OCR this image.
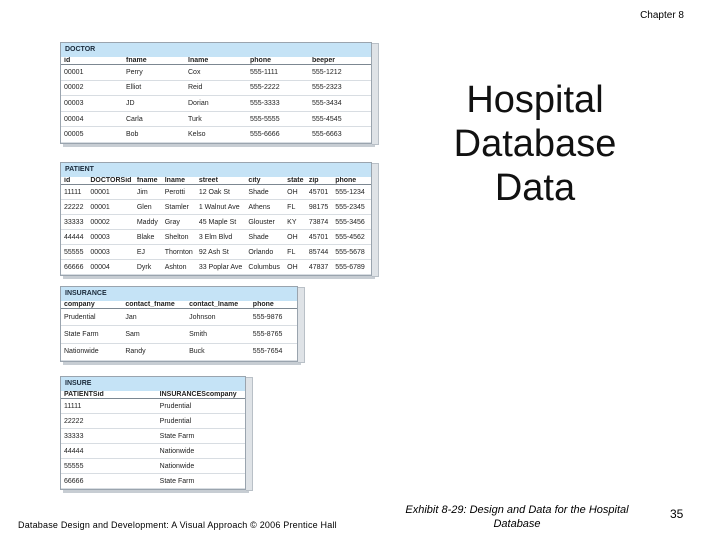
Chapter 8
Hospital
Database
Data
DOCTOR
id	fname	lname	phone	beeper
00001	Perry	Cox	555-1111	555-1212
00002	Elliot	Reid	555-2222	555-2323
00003	JD	Dorian	555-3333	555-3434
00004	Carla	Turk	555-5555	555-4545
00005	Bob	Kelso	555-6666	555-6663
PATIENT
id	DOCTORSid	fname	lname	street	city	state	zip	phone
11111	00001	Jim	Perotti	12 Oak St	Shade	OH	45701	555-1234
22222	00001	Glen	Stamler	1 Walnut Ave	Athens	FL	98175	555-2345
33333	00002	Maddy	Gray	45 Maple St	Glouster	KY	73874	555-3456
44444	00003	Blake	Shelton	3 Elm Blvd	Shade	OH	45701	555-4562
55555	00003	EJ	Thornton	92 Ash St	Orlando	FL	85744	555-5678
66666	00004	Dyrk	Ashton	33 Poplar Ave	Columbus	OH	47837	555-6789
INSURANCE
company	contact_fname	contact_lname	phone
Prudential	Jan	Johnson	555-9876
State Farm	Sam	Smith	555-8765
Nationwide	Randy	Buck	555-7654
INSURE
PATIENTSid	INSURANCEScompany
11111	Prudential
22222	Prudential
33333	State Farm
44444	Nationwide
55555	Nationwide
66666	State Farm
Database Design and Development: A Visual Approach © 2006 Prentice Hall
Exhibit 8-29: Design and Data for the Hospital Database
35
